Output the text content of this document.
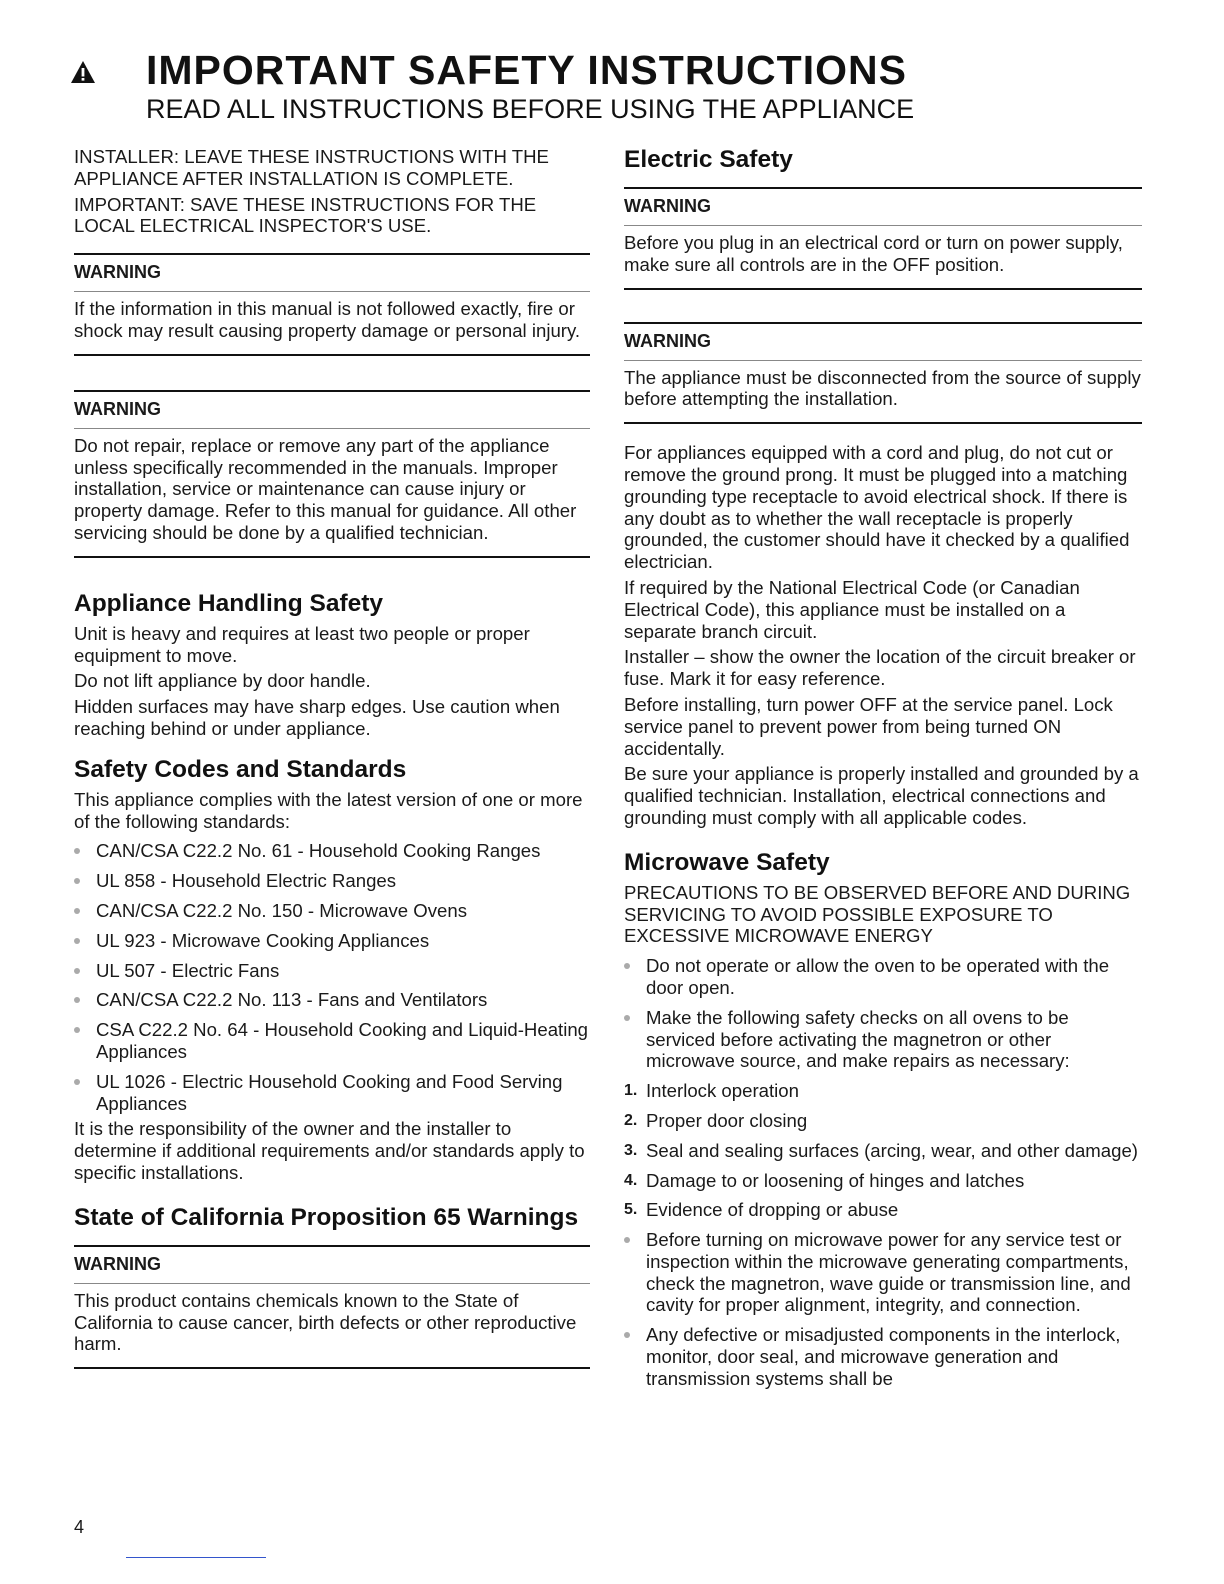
IMPORTANT SAFETY INSTRUCTIONS
READ ALL INSTRUCTIONS BEFORE USING THE APPLIANCE

INSTALLER: LEAVE THESE INSTRUCTIONS WITH THE APPLIANCE AFTER INSTALLATION IS COMPLETE.

IMPORTANT: SAVE THESE INSTRUCTIONS FOR THE LOCAL ELECTRICAL INSPECTOR'S USE.

WARNING

If the information in this manual is not followed exactly, fire or shock may result causing property damage or personal injury.

WARNING

Do not repair, replace or remove any part of the appliance unless specifically recommended in the manuals. Improper installation, service or maintenance can cause injury or property damage. Refer to this manual for guidance. All other servicing should be done by a qualified technician.

Appliance Handling Safety

Unit is heavy and requires at least two people or proper equipment to move.

Do not lift appliance by door handle.

Hidden surfaces may have sharp edges. Use caution when reaching behind or under appliance.

Safety Codes and Standards

This appliance complies with the latest version of one or more of the following standards:

CAN/CSA C22.2 No. 61 - Household Cooking Ranges
UL 858 - Household Electric Ranges
CAN/CSA C22.2 No. 150 - Microwave Ovens
UL 923 - Microwave Cooking Appliances
UL 507 - Electric Fans
CAN/CSA C22.2 No. 113 - Fans and Ventilators
CSA C22.2 No. 64 - Household Cooking and Liquid-Heating Appliances
UL 1026 - Electric Household Cooking and Food Serving Appliances

It is the responsibility of the owner and the installer to determine if additional requirements and/or standards apply to specific installations.

State of California Proposition 65 Warnings
WARNING

This product contains chemicals known to the State of California to cause cancer, birth defects or other reproductive harm.

Electric Safety
WARNING

Before you plug in an electrical cord or turn on power supply, make sure all controls are in the OFF position.

WARNING

The appliance must be disconnected from the source of supply before attempting the installation.

For appliances equipped with a cord and plug, do not cut or remove the ground prong. It must be plugged into a matching grounding type receptacle to avoid electrical shock. If there is any doubt as to whether the wall receptacle is properly grounded, the customer should have it checked by a qualified electrician.

If required by the National Electrical Code (or Canadian Electrical Code), this appliance must be installed on a separate branch circuit.

Installer – show the owner the location of the circuit breaker or fuse. Mark it for easy reference.

Before installing, turn power OFF at the service panel. Lock service panel to prevent power from being turned ON accidentally.

Be sure your appliance is properly installed and grounded by a qualified technician. Installation, electrical connections and grounding must comply with all applicable codes.

Microwave Safety

PRECAUTIONS TO BE OBSERVED BEFORE AND DURING SERVICING TO AVOID POSSIBLE EXPOSURE TO EXCESSIVE MICROWAVE ENERGY

Do not operate or allow the oven to be operated with the door open.
Make the following safety checks on all ovens to be serviced before activating the magnetron or other microwave source, and make repairs as necessary:
1. Interlock operation
2. Proper door closing
3. Seal and sealing surfaces (arcing, wear, and other damage)
4. Damage to or loosening of hinges and latches
5. Evidence of dropping or abuse
Before turning on microwave power for any service test or inspection within the microwave generating compartments, check the magnetron, wave guide or transmission line, and cavity for proper alignment, integrity, and connection.
Any defective or misadjusted components in the interlock, monitor, door seal, and microwave generation and transmission systems shall be
4
